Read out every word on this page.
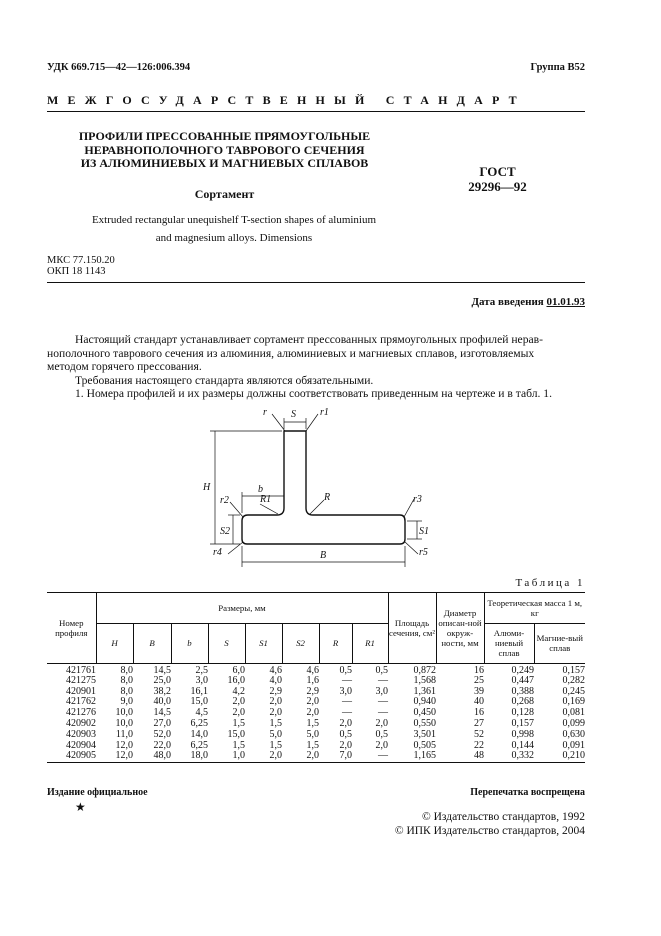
УДК 669.715—42—126:006.394	Группа В52
МЕЖГОСУДАРСТВЕННЫЙ СТАНДАРТ
ПРОФИЛИ ПРЕССОВАННЫЕ ПРЯМОУГОЛЬНЫЕ
НЕРАВНОПОЛОЧНОГО ТАВРОВОГО СЕЧЕНИЯ
ИЗ АЛЮМИНИЕВЫХ И МАГНИЕВЫХ СПЛАВОВ
Сортамент
Extruded rectangular unequishelf T-section shapes of aluminium
and magnesium alloys. Dimensions
ГОСТ
29296—92
МКС 77.150.20
ОКП 18 1143
Дата введения 01.01.93
Настоящий стандарт устанавливает сортамент прессованных прямоугольных профилей нерав-
нополочного таврового сечения из алюминия, алюминиевых и магниевых сплавов, изготовляемых
методом горячего прессования.
Требования настоящего стандарта являются обязательными.
1. Номера профилей и их размеры должны соответствовать приведенным на чертеже и в табл. 1.
r S r1
H	b
R1	R
r2	r3
S2	S1
B
r4	r5
Таблица 1
Номер профиля	Размеры, мм								Площадь сечения, см²	Диаметр описан-ной окруж-ности, мм	Теоретическая масса 1 м, кг	
	H	B	b	S	S1	S2	R	R1			Алюми-ниевый сплав	Магние-вый сплав
421761	8,0	14,5	2,5	6,0	4,6	4,6	0,5	0,5	0,872	16	0,249	0,157
421275	8,0	25,0	3,0	16,0	4,0	1,6	—	—	1,568	25	0,447	0,282
420901	8,0	38,2	16,1	4,2	2,9	2,9	3,0	3,0	1,361	39	0,388	0,245
421762	9,0	40,0	15,0	2,0	2,0	2,0	—	—	0,940	40	0,268	0,169
421276	10,0	14,5	4,5	2,0	2,0	2,0	—	—	0,450	16	0,128	0,081
420902	10,0	27,0	6,25	1,5	1,5	1,5	2,0	2,0	0,550	27	0,157	0,099
420903	11,0	52,0	14,0	15,0	5,0	5,0	0,5	0,5	3,501	52	0,998	0,630
420904	12,0	22,0	6,25	1,5	1,5	1,5	2,0	2,0	0,505	22	0,144	0,091
420905	12,0	48,0	18,0	1,0	2,0	2,0	7,0	—	1,165	48	0,332	0,210
Издание официальное
★
Перепечатка воспрещена
© Издательство стандартов, 1992
© ИПК Издательство стандартов, 2004
